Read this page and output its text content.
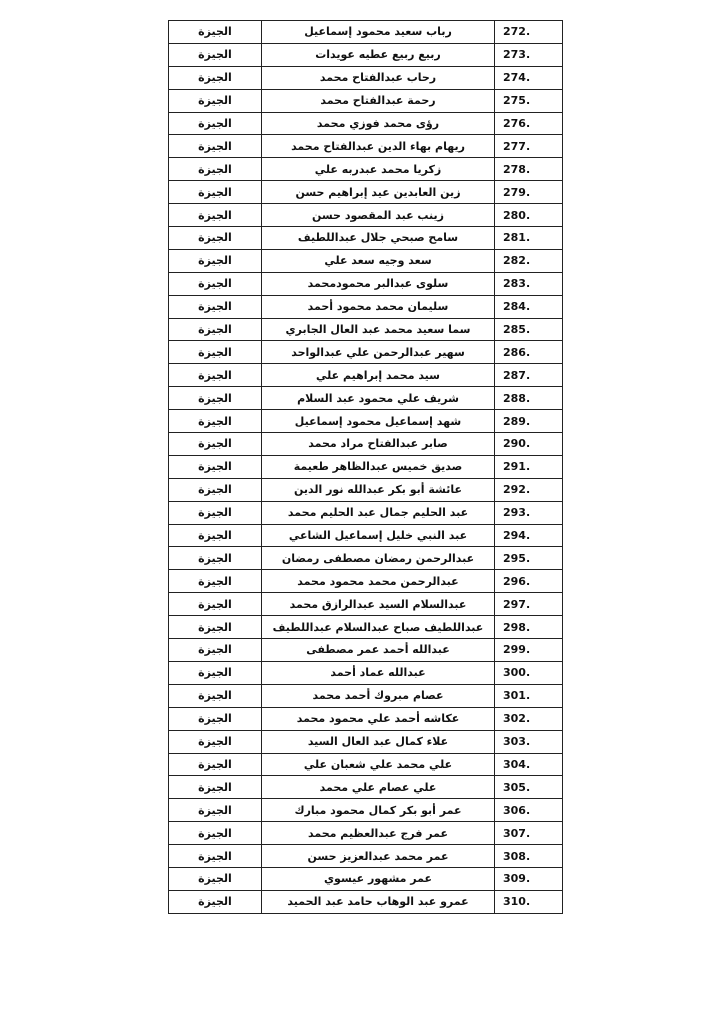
الجيزة	رباب سعيد محمود إسماعيل	272.
الجيزة	ربيع ربيع عطيه عويدات	273.
الجيزة	رحاب عبدالفتاح محمد	274.
الجيزة	رحمة عبدالفتاح محمد	275.
الجيزة	رؤى محمد فوزي محمد	276.
الجيزة	ريهام بهاء الدين عبدالفتاح محمد	277.
الجيزة	زكريا محمد عبدربه علي	278.
الجيزة	زين العابدين عيد إبراهيم حسن	279.
الجيزة	زينب عبد المقصود حسن	280.
الجيزة	سامح صبحي جلال عبداللطيف	281.
الجيزة	سعد وجيه سعد علي	282.
الجيزة	سلوى عبدالبر محمودمحمد	283.
الجيزة	سليمان محمد محمود أحمد	284.
الجيزة	سما سعيد محمد عبد العال الجابري	285.
الجيزة	سهير عبدالرحمن علي عبدالواحد	286.
الجيزة	سيد محمد إبراهيم علي	287.
الجيزة	شريف علي محمود عبد السلام	288.
الجيزة	شهد إسماعيل محمود إسماعيل	289.
الجيزة	صابر عبدالفتاح مراد محمد	290.
الجيزة	صديق خميس عبدالظاهر طعيمة	291.
الجيزة	عائشة أبو بكر عبدالله نور الدين	292.
الجيزة	عبد الحليم جمال عبد الحليم محمد	293.
الجيزة	عبد النبي خليل إسماعيل الشاعي	294.
الجيزة	عبدالرحمن رمضان مصطفى رمضان	295.
الجيزة	عبدالرحمن محمد محمود محمد	296.
الجيزة	عبدالسلام السيد عبدالرازق محمد	297.
الجيزة	عبداللطيف صباح عبدالسلام عبداللطيف	298.
الجيزة	عبدالله أحمد عمر مصطفى	299.
الجيزة	عبدالله عماد أحمد	300.
الجيزة	عصام مبروك أحمد محمد	301.
الجيزة	عكاشه أحمد علي محمود محمد	302.
الجيزة	علاء كمال عبد العال السيد	303.
الجيزة	علي محمد علي شعبان علي	304.
الجيزة	علي عصام علي محمد	305.
الجيزة	عمر أبو بكر كمال محمود مبارك	306.
الجيزة	عمر فرج عبدالعظيم محمد	307.
الجيزة	عمر محمد عبدالعزيز حسن	308.
الجيزة	عمر مشهور عيسوي	309.
الجيزة	عمرو عبد الوهاب حامد عبد الحميد	310.
